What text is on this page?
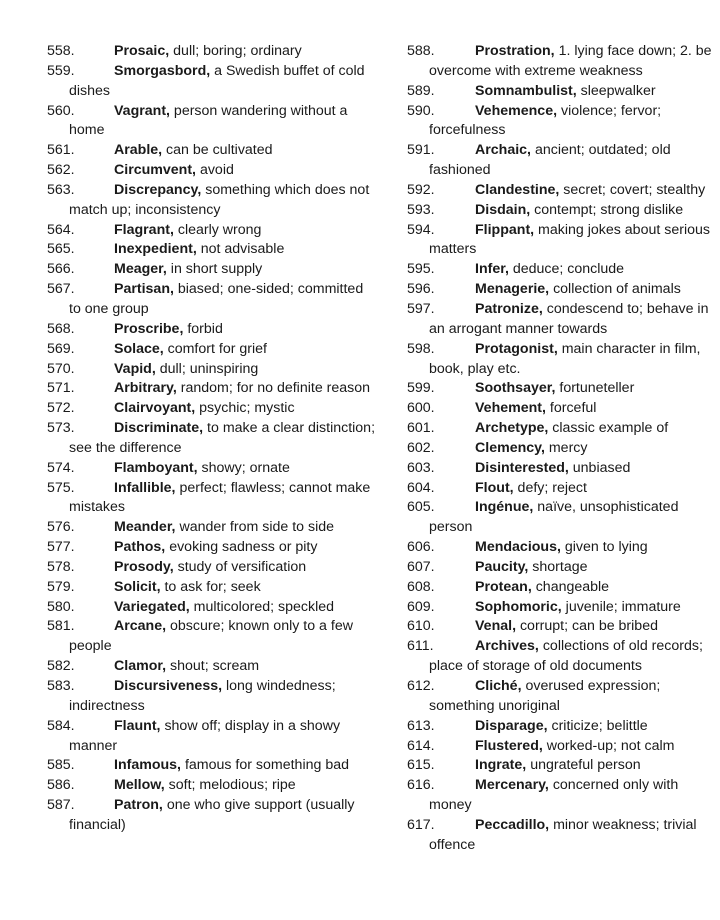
558.	Prosaic, dull; boring; ordinary

559.	Smorgasbord, a Swedish buffet of cold dishes

560.	Vagrant, person wandering without a home

561.	Arable, can be cultivated

562.	Circumvent, avoid

563.	Discrepancy, something which does not match up; inconsistency

564.	Flagrant, clearly wrong

565.	Inexpedient, not advisable

566.	Meager, in short supply

567.	Partisan, biased; one-sided; committed to one group

568.	Proscribe, forbid

569.	Solace, comfort for grief

570.	Vapid, dull; uninspiring

571.	Arbitrary, random; for no definite reason

572.	Clairvoyant, psychic; mystic

573.	Discriminate, to make a clear distinction; see the difference

574.	Flamboyant, showy; ornate

575.	Infallible, perfect; flawless; cannot make mistakes

576.	Meander, wander from side to side

577.	Pathos, evoking sadness or pity

578.	Prosody, study of versification

579.	Solicit, to ask for; seek

580.	Variegated, multicolored; speckled

581.	Arcane, obscure; known only to a few people

582.	Clamor, shout; scream

583.	Discursiveness, long windedness; indirectness

584.	Flaunt, show off; display in a showy manner

585.	Infamous, famous for something bad

586.	Mellow, soft; melodious; ripe

587.	Patron, one who give support (usually financial)

588.	Prostration, 1. lying face down; 2. be overcome with extreme weakness

589.	Somnambulist, sleepwalker

590.	Vehemence, violence; fervor; forcefulness

591.	Archaic, ancient; outdated; old fashioned

592.	Clandestine, secret; covert; stealthy

593.	Disdain, contempt; strong dislike

594.	Flippant, making jokes about serious matters

595.	Infer, deduce; conclude

596.	Menagerie, collection of animals

597.	Patronize, condescend to; behave in an arrogant manner towards

598.	Protagonist, main character in film, book, play etc.

599.	Soothsayer, fortuneteller

600.	Vehement, forceful

601.	Archetype, classic example of

602.	Clemency, mercy

603.	Disinterested, unbiased

604.	Flout, defy; reject

605.	Ingénue, naïve, unsophisticated person

606.	Mendacious, given to lying

607.	Paucity, shortage

608.	Protean, changeable

609.	Sophomoric, juvenile; immature

610.	Venal, corrupt; can be bribed

611.	Archives, collections of old records; place of storage of old documents

612.	Cliché, overused expression; something unoriginal

613.	Disparage, criticize; belittle

614.	Flustered, worked-up; not calm

615.	Ingrate, ungrateful person

616.	Mercenary, concerned only with money

617.	Peccadillo, minor weakness; trivial offence
